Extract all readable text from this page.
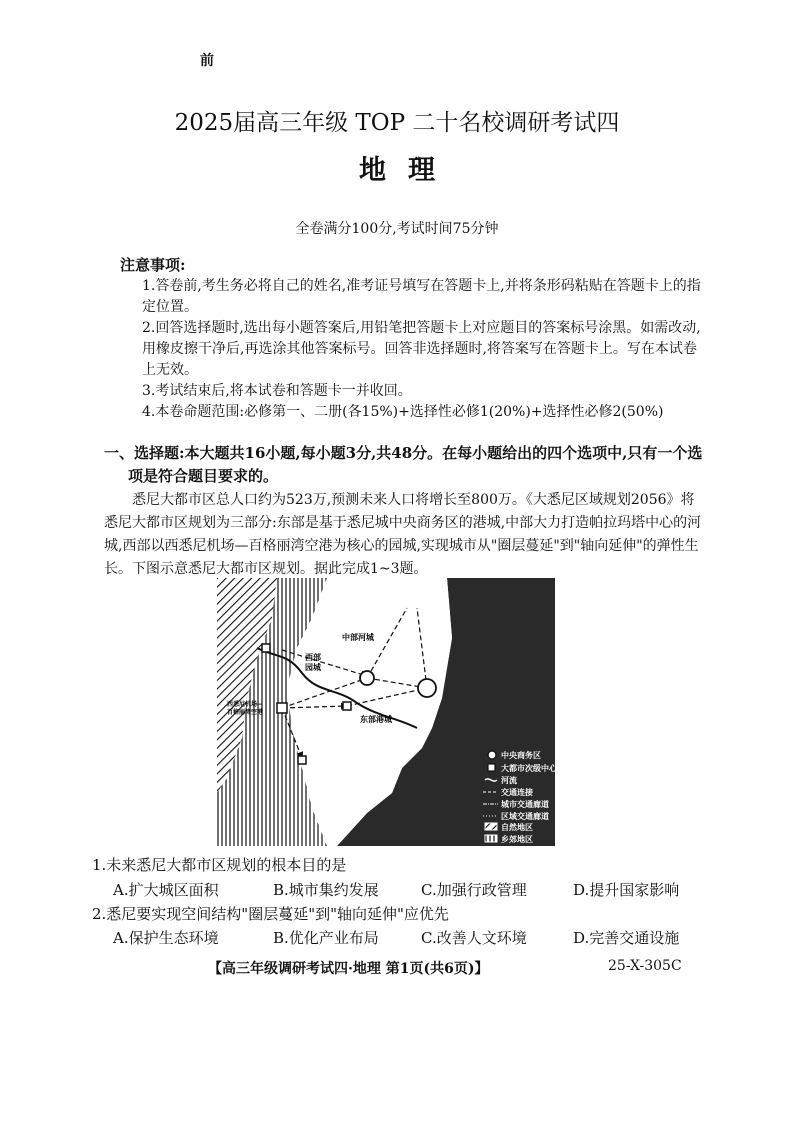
前
2025届高三年级 TOP 二十名校调研考试四
地理
全卷满分100分,考试时间75分钟
注意事项:
1.答卷前,考生务必将自己的姓名,准考证号填写在答题卡上,并将条形码粘贴在答题卡上的指定位置。
2.回答选择题时,选出每小题答案后,用铅笔把答题卡上对应题目的答案标号涂黑。如需改动,用橡皮擦干净后,再选涂其他答案标号。回答非选择题时,将答案写在答题卡上。写在本试卷上无效。
3.考试结束后,将本试卷和答题卡一并收回。
4.本卷命题范围:必修第一、二册(各15%)+选择性必修1(20%)+选择性必修2(50%)
一、选择题:本大题共16小题,每小题3分,共48分。在每小题给出的四个选项中,只有一个选
项是符合题目要求的。
悉尼大都市区总人口约为523万,预测未来人口将增长至800万。《大悉尼区域规划2056》将悉尼大都市区规划为三部分:东部是基于悉尼城中央商务区的港城,中部大力打造帕拉玛塔中心的河城,西部以西悉尼机场—百格丽湾空港为核心的园城,实现城市从"圈层蔓延"到"轴向延伸"的弹性生长。下图示意悉尼大都市区规划。据此完成1~3题。
中部河城
西部
园城
东部港城
西悉尼机场—
百格丽湾空港
中央商务区
大都市次级中心
河流
交通连接
城市交通廊道
区域交通廊道
自然地区
乡郊地区
1.未来悉尼大都市区规划的根本目的是
A.扩大城区面积	B.城市集约发展	C.加强行政管理	D.提升国家影响
2.悉尼要实现空间结构"圈层蔓延"到"轴向延伸"应优先
A.保护生态环境	B.优化产业布局	C.改善人文环境	D.完善交通设施
【高三年级调研考试四·地理 第1页(共6页)】	25-X-305C
